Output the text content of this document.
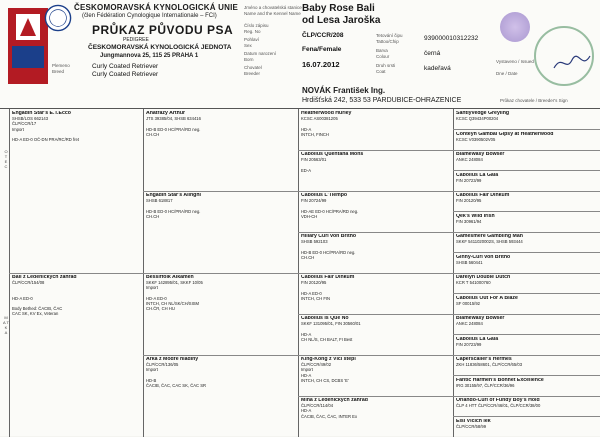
ČESKOMORAVSKÁ KYNOLOGICKÁ UNIE
(člen Fédération Cynologique Internationale – FCI)
PRŮKAZ PŮVODU PSA
PEDIGREE
ČESKOMORAVSKÁ KYNOLOGICKÁ JEDNOTA
Jungmannova 25, 115 25 PRAHA 1
Plemeno
Breed
Curly Coated Retriever
Curly Coated Retriever
Jméno a chovatelská stanice
Name and the Kennel Name
Číslo zápisu
Reg. No
Pohlaví
Sex
Datum narození
Born
Chovatel
Breeder
Baby Rose Bali
od Lesa Jaroška
ČLP/CCR/208
Fena/Female
16.07.2012
Tetování čipu
Tattoo/Chip
Barva
Colour
Druh srsti
Coat
939000010312232
černá
kadeřavá
NOVÁK František Ing.
Hrdišťská 242, 533 53 PARDUBICE-OHRAZENICE
Vystaveno / Issued
Dne / Date
Průkaz chovatele / Breeder's Sign
O T E C
M A T K A
Engadin Star's E.T.Ecco
SHSB/LOS 662143
ČLP/CCR/17
Import

HD-A ED-0 OČ-DN PRA/RC/RD fret
Bali z Ledenických zahrad
ČLP/CCR/154/08

HD-A ED-0

Body Bethed: ČACIB, ČAC
CAC SK, KV Ex, Veteran
Anatrazy Arthur
JTS 39385/04, SHSB 634416

HD-B ED-0 HC/PRA/RD neg.
CH.CH
Engadin Star's Alinghi
SHSB 618817

HD-B ED-0 HC/PRA/RD neg.
CH.CH
Bessiffolk Alkamen
SKKF 142895/01, SKKF 10/05
Import

HD-A ED-0
INTCH, CH NL/SK/CH/SISM
CH.ČR, CH HU
Arka z Modré hladiny
ČLP/CCR/136/05
Import

HD-B
ČACIB, ČAC, CAC SK, ČAC SR
Heatherwood Hurley
KCSC AS00381205

HD-A
INTCH, FINCH
Cabolius Quentana Mons
FIN 20563/01

ED-A
Cabolius L'Tiempo
FIN 20724/99

HD-AE ED-0 HC/PRA/RD neg.
VDH-CH
Hillary Curl von Britho
SHSB 592103

HD-B ED-0 HC/PRA/RD neg.
CH.CH
Cabolius Fair Dinkum
FIN 20120/95

HD-A ED-0
INTCH, CH FIN
Cabolius Is Que No
SKKF 131095/01, FIN 30560/01

HD-A
CH NL/S, CH BALT, FI Best
King-Kong z Vlčí stepi
ČLP/CCR/49/02
Import
HD-A
INTCH, CH CS, DCBS 'E'
Mina z Ledenických zahrad
ČLP/CCR/114/04
HD-A
ČACIB, ČAC, ČAC, INTER Ex
Santlyvedge Greyling
KCSC Q39434P00204
Conteyn Gambai Gipsy at Heatherwood
KCSC V0390502V05
Blamewasy Bowser
ANKC 248084
Cabolius La Gala
FIN 20723/99
Cabolius Fair Dinkum
FIN 20120/95
Qek's Wild Irish
FIN 30961/94
Gamesmere Gambling Man
SKKF 5411020002S, SHSB 593444
Ginny-Curl von Britho
SHSB 560441
Darelyn Double Dutch
KCR T 541000760
Cabolius Out For A Blaze
SF 00015/92
Blamewasy Bowser
ANKC 248084
Cabolius La Gala
FIN 20723/99
Caperscalier's Hermes
ZKH 11836/58601, ČLP/CCR/65/03
Fantic Harmen's Bonnet Excellence
IRG 30155/97, ČLP/CCR/36/96
Orlando-Curl of Fundy Boy's Hold
ČLP 4 HTT ČLP/CCR/46/01, ČLP/CCR/38/00
Elsi Vlčích lék
ČLP/CCR/58/99
